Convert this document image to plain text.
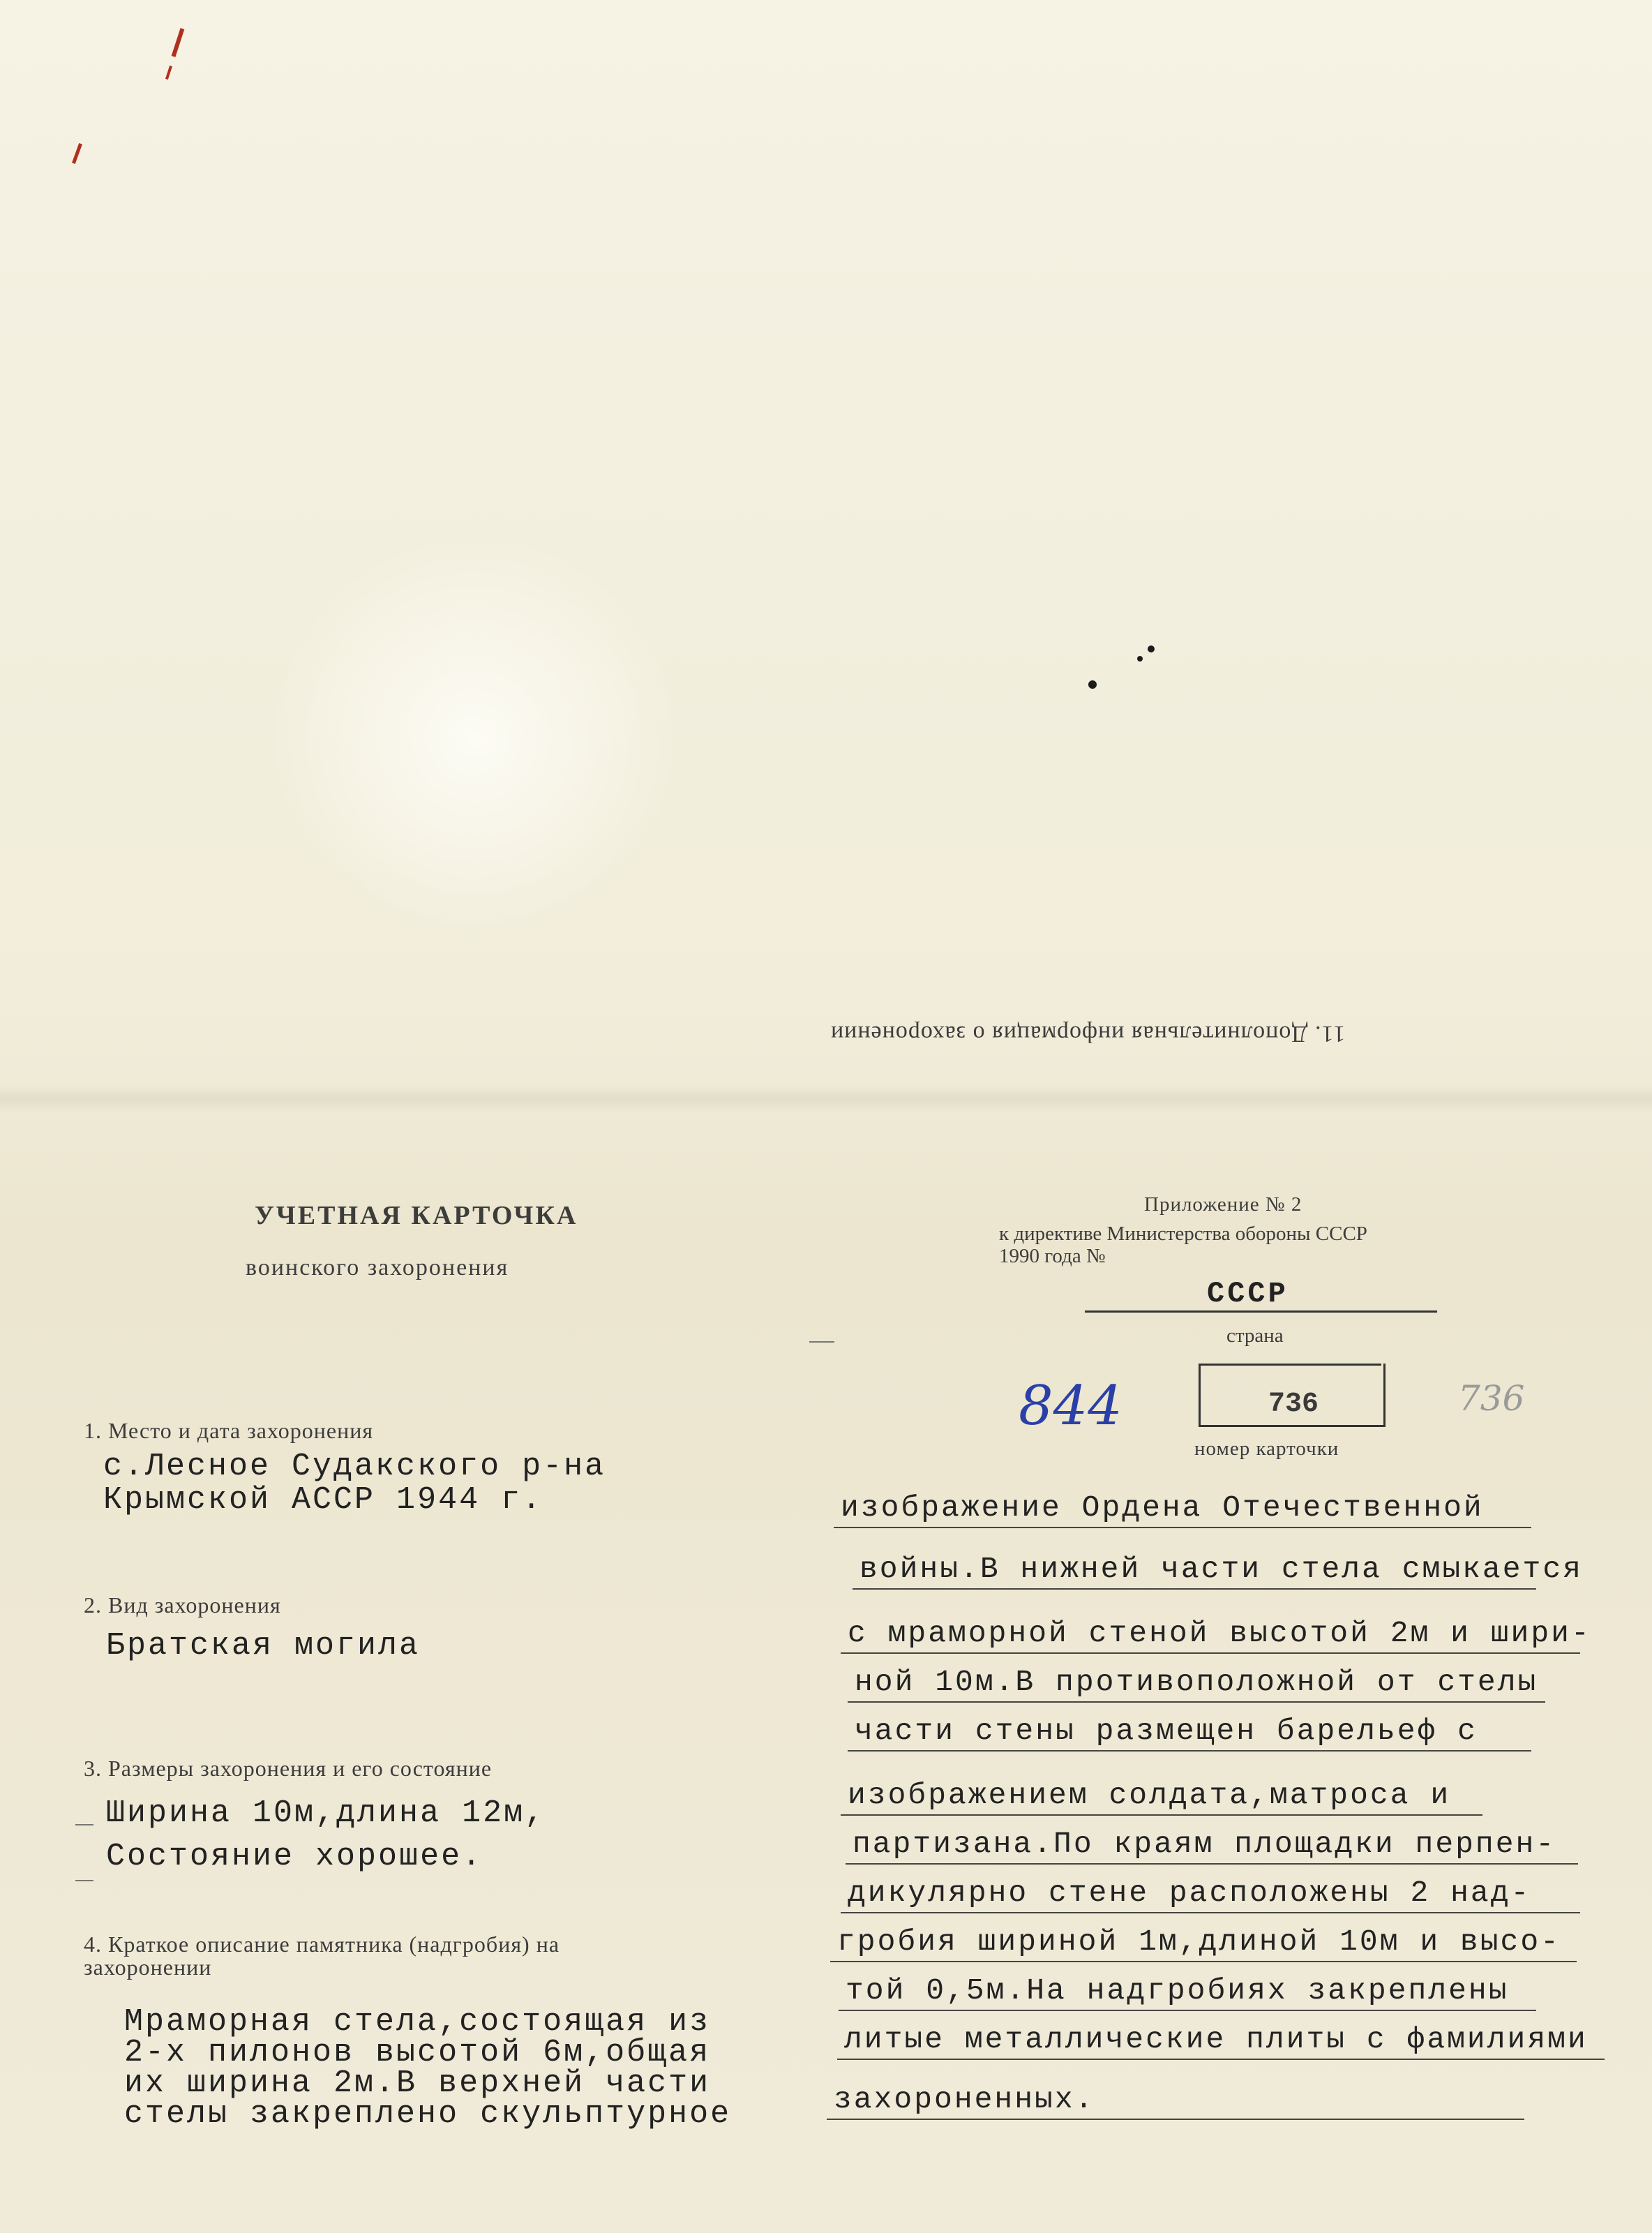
11. Дополнительная информация о захоронении
УЧЕТНАЯ КАРТОЧКА
воинского захоронения
Приложение № 2
к директиве Министерства обороны СССР
1990 года №
СССР
страна
844	736
номер карточки
736
1. Место и дата захоронения
с.Лесное Судакского р-на
Крымской АССР 1944 г.
2. Вид захоронения
Братская могила
3. Размеры захоронения и его состояние
Ширина 10м,длина 12м,
Состояние хорошее.
4. Краткое описание памятника (надгробия) на
захоронении
Мраморная стела,состоящая из
2-х пилонов высотой 6м,общая
их ширина 2м.В верхней части
стелы закреплено скульптурное
изображение Ордена Отечественной
войны.В нижней части стела смыкается
с мраморной стеной высотой 2м и шири-
ной 10м.В противоположной от стелы
части стены размещен барельеф с
изображением солдата,матроса и
партизана.По краям площадки перпен-
дикулярно стене расположены 2 над-
гробия шириной 1м,длиной 10м и высо-
той 0,5м.На надгробиях закреплены
литые металлические плиты с фамилиями
захороненных.
